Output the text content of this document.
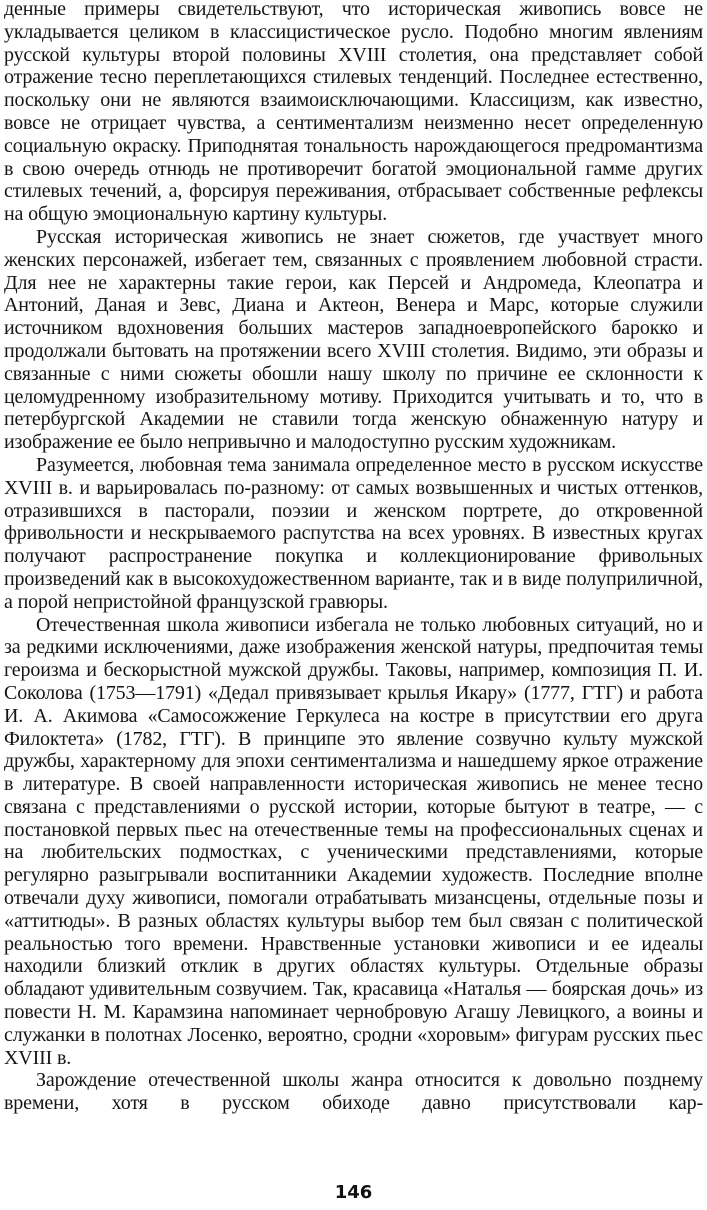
денные примеры свидетельствуют, что историческая живопись вовсе не укладывается целиком в классицистическое русло. Подобно многим явлениям русской культуры второй половины XVIII столетия, она представляет собой отражение тесно переплетающихся стилевых тенденций. Последнее естественно, поскольку они не являются взаимоисключающими. Классицизм, как известно, вовсе не отрицает чувства, а сентиментализм неизменно несет определенную социальную окраску. Приподнятая тональность нарождающегося предромантизма в свою очередь отнюдь не противоречит богатой эмоциональной гамме других стилевых течений, а, форсируя переживания, отбрасывает собственные рефлексы на общую эмоциональную картину культуры.

Русская историческая живопись не знает сюжетов, где участвует много женских персонажей, избегает тем, связанных с проявлением любовной страсти. Для нее не характерны такие герои, как Персей и Андромеда, Клеопатра и Антоний, Даная и Зевс, Диана и Актеон, Венера и Марс, которые служили источником вдохновения больших мастеров западноевропейского барокко и продолжали бытовать на протяжении всего XVIII столетия. Видимо, эти образы и связанные с ними сюжеты обошли нашу школу по причине ее склонности к целомудренному изобразительному мотиву. Приходится учитывать и то, что в петербургской Академии не ставили тогда женскую обнаженную натуру и изображение ее было непривычно и малодоступно русским художникам.

Разумеется, любовная тема занимала определенное место в русском искусстве XVIII в. и варьировалась по-разному: от самых возвышенных и чистых оттенков, отразившихся в пасторали, поэзии и женском портрете, до откровенной фривольности и нескрываемого распутства на всех уровнях. В известных кругах получают распространение покупка и коллекционирование фривольных произведений как в высокохудожественном варианте, так и в виде полуприличной, а порой непристойной французской гравюры.

Отечественная школа живописи избегала не только любовных ситуаций, но и за редкими исключениями, даже изображения женской натуры, предпочитая темы героизма и бескорыстной мужской дружбы. Таковы, например, композиция П. И. Соколова (1753—1791) «Дедал привязывает крылья Икару» (1777, ГТГ) и работа И. А. Акимова «Самосожжение Геркулеса на костре в присутствии его друга Филоктета» (1782, ГТГ). В принципе это явление созвучно культу мужской дружбы, характерному для эпохи сентиментализма и нашедшему яркое отражение в литературе. В своей направленности историческая живопись не менее тесно связана с представлениями о русской истории, которые бытуют в театре, — с постановкой первых пьес на отечественные темы на профессиональных сценах и на любительских подмостках, с ученическими представлениями, которые регулярно разыгрывали воспитанники Академии художеств. Последние вполне отвечали духу живописи, помогали отрабатывать мизансцены, отдельные позы и «аттитюды». В разных областях культуры выбор тем был связан с политической реальностью того времени. Нравственные установки живописи и ее идеалы находили близкий отклик в других областях культуры. Отдельные образы обладают удивительным созвучием. Так, красавица «Наталья — боярская дочь» из повести Н. М. Карамзина напоминает чернобровую Агашу Левицкого, а воины и служанки в полотнах Лосенко, вероятно, сродни «хоровым» фигурам русских пьес XVIII в.

Зарождение отечественной школы жанра относится к довольно позднему времени, хотя в русском обиходе давно присутствовали кар-

146
